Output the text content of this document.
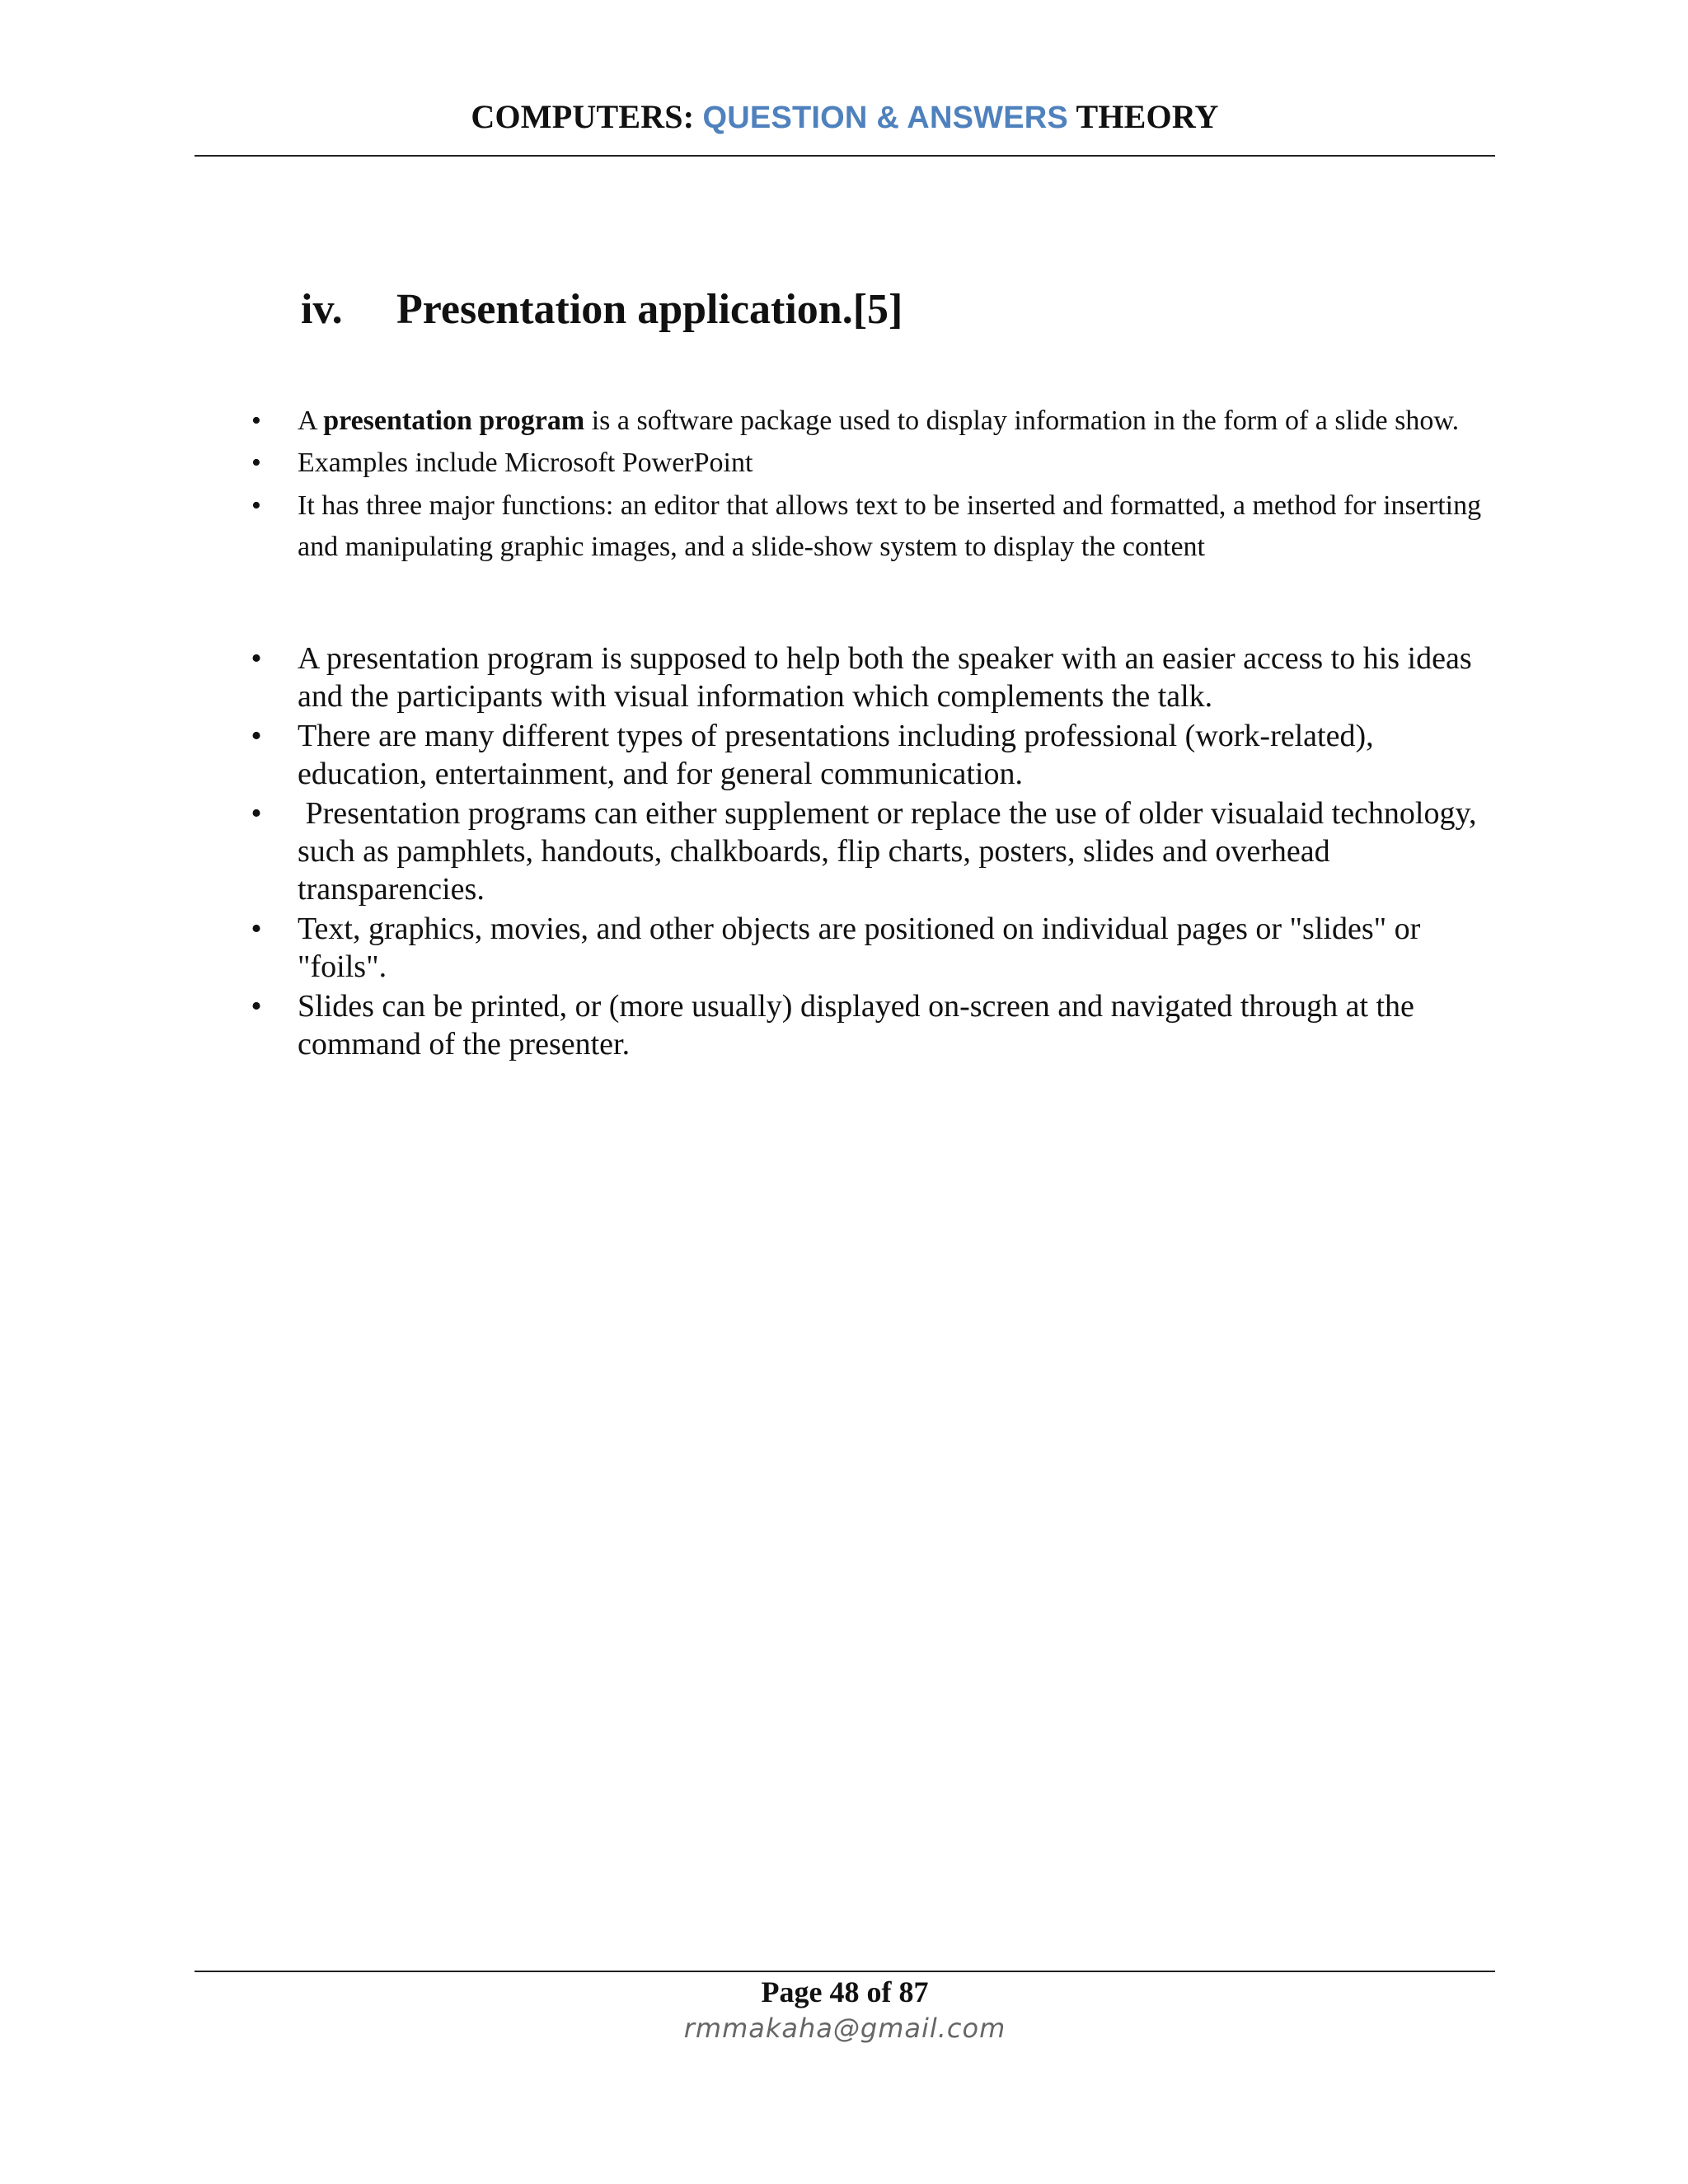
COMPUTERS: QUESTION & ANSWERS THEORY
iv. Presentation application.[5]
• A presentation program is a software package used to display information in the form of a slide show.
• Examples include Microsoft PowerPoint
• It has three major functions: an editor that allows text to be inserted and formatted, a method for inserting and manipulating graphic images, and a slide-show system to display the content
• A presentation program is supposed to help both the speaker with an easier access to his ideas and the participants with visual information which complements the talk.
• There are many different types of presentations including professional (work-related), education, entertainment, and for general communication.
• Presentation programs can either supplement or replace the use of older visualaid technology, such as pamphlets, handouts, chalkboards, flip charts, posters, slides and overhead transparencies.
• Text, graphics, movies, and other objects are positioned on individual pages or "slides" or "foils".
• Slides can be printed, or (more usually) displayed on-screen and navigated through at the command of the presenter.
Page 48 of 87
rmmakaha@gmail.com
